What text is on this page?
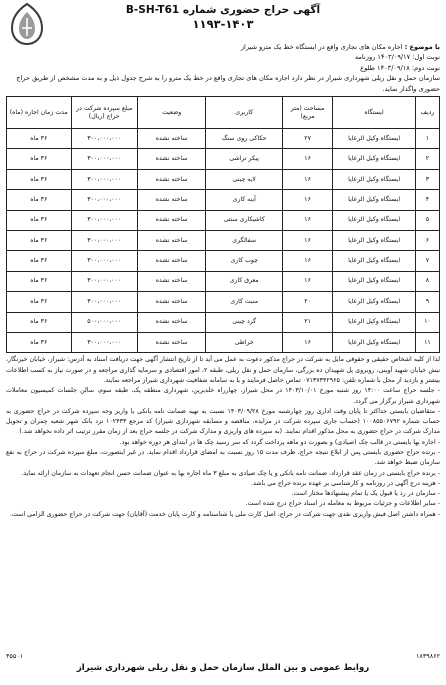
آگهی حراج حضوری شماره B-SH-T61
۱۱۹۳-۱۴۰۳
با موضوع : اجاره مکان های تجاری واقع در ایستگاه خط یک مترو شیراز
نوبت اول: ۱۴۰۳/۰۹/۱۷ روزنامه
نوبت دوم: ۱۴۰۳/۰۹/۱۸ طلوع
سازمان حمل و نقل ریلی شهرداری شیراز در نظر دارد اجاره مکان های تجاری واقع در خط یک مترو را به شرح جدول ذیل و به مدت مشخص از طریق حراج حضوری واگذار نماید.
ردیف	ایستگاه	مساحت (متر مربع)	کاربری	وضعیت	مبلغ سپرده شرکت در حراج (ریال)	مدت زمان اجاره (ماه)
۱	ایستگاه وکیل الرعایا	۲۷	حکاکی روی سنگ	ساخته نشده	۳۰۰،۰۰۰،۰۰۰	۳۶ ماه
۲	ایستگاه وکیل الرعایا	۱۶	پیکر تراشی	ساخته نشده	۳۰۰،۰۰۰،۰۰۰	۳۶ ماه
۳	ایستگاه وکیل الرعایا	۱۶	لایه چینی	ساخته نشده	۳۰۰،۰۰۰،۰۰۰	۳۶ ماه
۴	ایستگاه وکیل الرعایا	۱۶	آینه کاری	ساخته نشده	۳۰۰،۰۰۰،۰۰۰	۳۶ ماه
۵	ایستگاه وکیل الرعایا	۱۶	کاشیکاری سنتی	ساخته نشده	۳۰۰،۰۰۰،۰۰۰	۳۶ ماه
۶	ایستگاه وکیل الرعایا	۱۶	سفالگری	ساخته نشده	۳۰۰،۰۰۰،۰۰۰	۳۶ ماه
۷	ایستگاه وکیل الرعایا	۱۶	چوب کاری	ساخته نشده	۳۰۰،۰۰۰،۰۰۰	۳۶ ماه
۸	ایستگاه وکیل الرعایا	۱۶	معرق کاری	ساخته نشده	۳۰۰،۰۰۰،۰۰۰	۳۶ ماه
۹	ایستگاه وکیل الرعایا	۲۰	منبت کاری	ساخته نشده	۳۰۰،۰۰۰،۰۰۰	۳۶ ماه
۱۰	ایستگاه وکیل الرعایا	۲۱	گرد چینی	ساخته نشده	۵۰۰،۰۰۰،۰۰۰	۳۶ ماه
۱۱	ایستگاه وکیل الرعایا	۱۶	خراطی	ساخته نشده	۳۰۰،۰۰۰،۰۰۰	۳۶ ماه

لذا از کلیه اشخاص حقیقی و حقوقی مایل به شرکت در حراج مذکور دعوت به عمل می آید تا از تاریخ انتشار آگهی جهت دریافت اسناد به آدرس: شیراز، خیابان خیرنگار، نبش خیابان شهید آوینی، روبروی پل شهیدان ده بزرگی، سازمان حمل و نقل ریلی، طبقه ۲، امور اقتصادی و سرمایه گذاری مراجعه و در صورت نیاز به کسب اطلاعات بیشتر و بازدید از محل با شماره تلفن: ۰۷۱۳۷۳۴۲۹۶۵ تماس حاصل فرمایند و یا به سامانه شفافیت شهرداری شیراز مراجعه نمایند.

- جلسه حراج ساعت ۱۴:۰۰ روز شنبه مورخ ۱۴۰۳/۱۰/۰۱ در محل شیراز، چهارراه خلدبرین، شهرداری منطقه یک، طبقه سوم، سالن جلسات کمیسیون معاملات شهرداری شیراز برگزار می گردد.

- متقاضیان بایستی حداکثر تا پایان وقت اداری روز چهارشنبه مورخ ۱۴۰۳/۰۹/۲۸ نسبت به تهیه ضمانت نامه بانکی یا واریز وجه سپرده شرکت در حراج حضوری به حساب شماره ۱۰۰۸۵۵۰۶۷۹۲ (حساب جاری سپرده شرکت در مزایده، مناقصه و مسابقه شهرداری شیراز) کد مرجع ۱۰۲۴۳۳ نزد بانک شهر شعبه چمران و تحویل مدارک شرکت در حراج حضوری به محل مذکور اقدام نمایند. (به سپرده های واریزی و مدارک شرکت در جلسه حراج بعد از زمان مقرر ترتیب اثر داده نخواهد شد.)

- اجاره بها بایستی در قالب چک (صیادی) و بصورت دو ماهه پرداخت گردد که سر رسید چک ها در ابتدای هر دوره خواهد بود.

- برنده حراج حضوری بایستی پس از ابلاغ نتیجه حراج، ظرف مدت ۱۵ روز نسبت به امضای قرارداد اقدام نماید. در غیر اینصورت، مبلغ سپرده شرکت در حراج به نفع سازمان ضبط خواهد شد.

- برنده حراج بایستی در زمان عقد قرارداد، ضمانت نامه بانکی و یا چک صیادی به مبلغ ۳ ماه اجاره بها به عنوان ضمانت حسن انجام تعهدات به سازمان ارائه نماید.

- هزینه درج آگهی در روزنامه و کارشناسی بر عهده برنده حراج می باشد.

- سازمان در رد یا قبول یک یا تمام پیشنهادها مختار است.

- سایر اطلاعات و جزئیات مربوط به معامله در اسناد حراج درج شده است.

- همراه داشتن اصل فیش واریزی نقدی جهت شرکت در حراج، اصل کارت ملی یا شناسنامه و کارت پایان خدمت (آقایان) جهت شرکت در حراج حضوری الزامی است.

۱۸۳۹۸۶۲
۴۵۵۰۱
روابط عمومی و بین الملل سازمان حمل و نقل ریلی شهرداری شیراز
